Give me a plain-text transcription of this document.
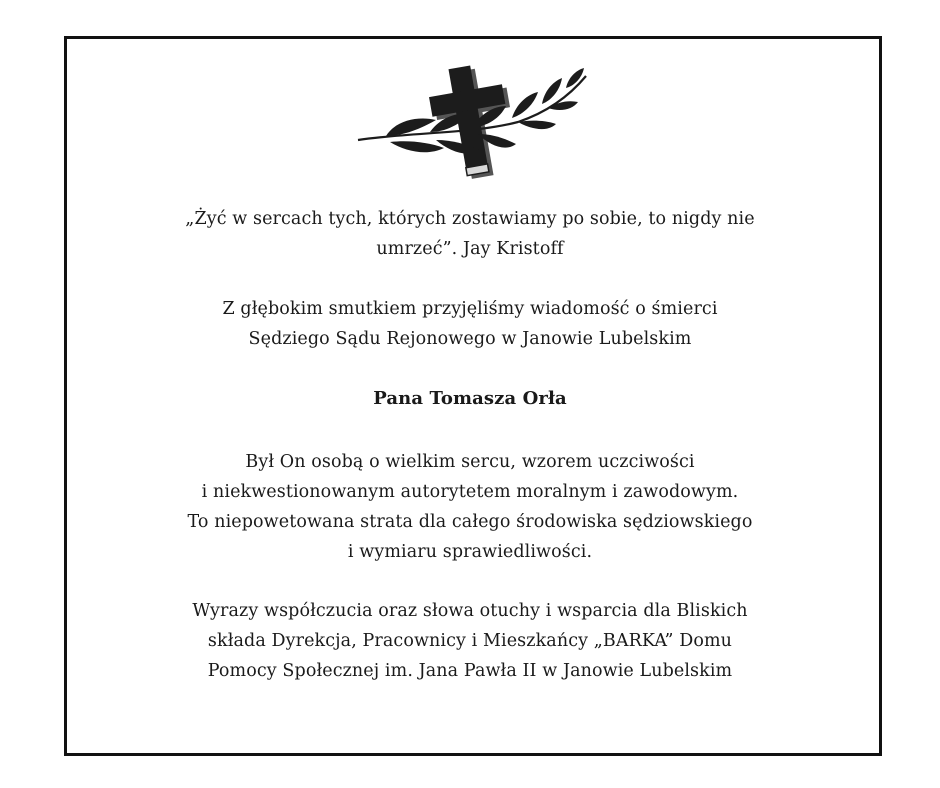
„Żyć w sercach tych, których zostawiamy po sobie, to nigdy nie
umrzeć”. Jay Kristoff
Z głębokim smutkiem przyjęliśmy wiadomość o śmierci
Sędziego Sądu Rejonowego w Janowie Lubelskim
Pana Tomasza Orła
Był On osobą o wielkim sercu, wzorem uczciwości
i niekwestionowanym autorytetem moralnym i zawodowym.
To niepowetowana strata dla całego środowiska sędziowskiego
i wymiaru sprawiedliwości.
Wyrazy współczucia oraz słowa otuchy i wsparcia dla Bliskich
składa Dyrekcja, Pracownicy i Mieszkańcy „BARKA” Domu
Pomocy Społecznej im. Jana Pawła II w Janowie Lubelskim
